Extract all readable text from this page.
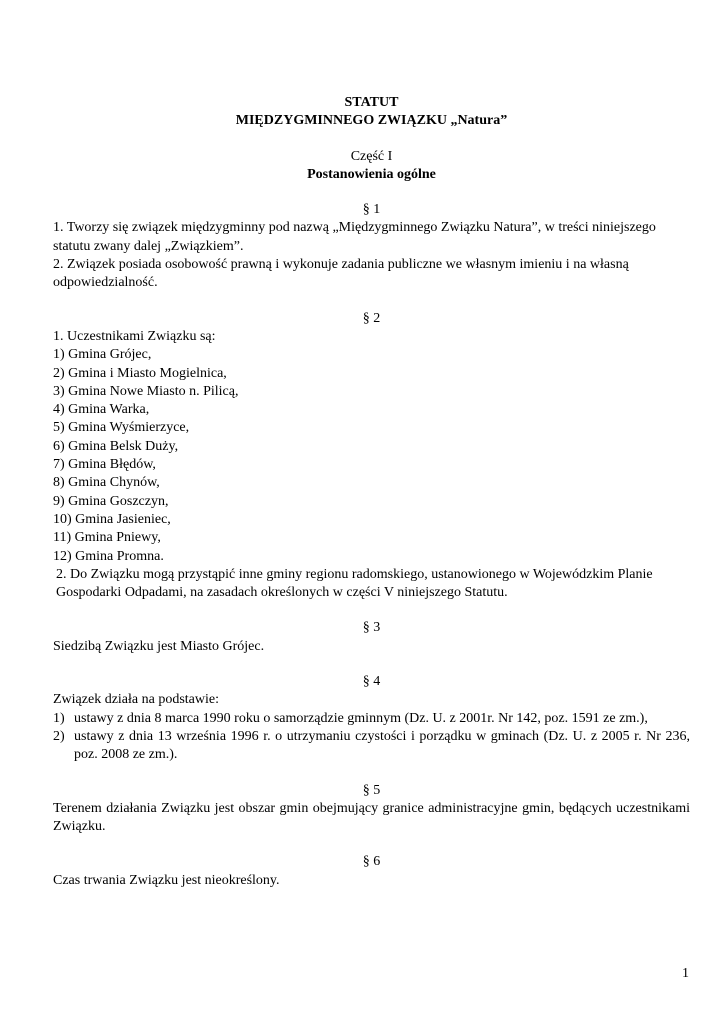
STATUT
MIĘDZYGMINNEGO ZWIĄZKU „Natura”
Część I
Postanowienia ogólne
§ 1
1. Tworzy się związek międzygminny pod nazwą „Międzygminnego Związku Natura”, w treści niniejszego statutu zwany dalej „Związkiem”.
2. Związek posiada osobowość prawną i wykonuje zadania publiczne we własnym imieniu i na własną odpowiedzialność.
§ 2
1. Uczestnikami Związku są:
1) Gmina Grójec,
2) Gmina i Miasto Mogielnica,
3) Gmina Nowe Miasto n. Pilicą,
4) Gmina Warka,
5) Gmina Wyśmierzyce,
6) Gmina Belsk Duży,
7) Gmina Błędów,
8) Gmina Chynów,
9) Gmina Goszczyn,
10) Gmina Jasieniec,
11) Gmina Pniewy,
12) Gmina Promna.
2. Do Związku mogą przystąpić inne gminy regionu radomskiego, ustanowionego w Wojewódzkim Planie Gospodarki Odpadami, na zasadach określonych w części V niniejszego Statutu.
§ 3
Siedzibą Związku jest Miasto Grójec.
§ 4
Związek działa na podstawie:
1) ustawy z dnia 8 marca 1990 roku o samorządzie gminnym (Dz. U. z 2001r. Nr 142, poz. 1591 ze zm.),
2) ustawy z dnia 13 września 1996 r. o utrzymaniu czystości i porządku w gminach (Dz. U. z 2005 r. Nr 236, poz. 2008 ze zm.).
§ 5
Terenem działania Związku jest obszar gmin obejmujący granice administracyjne gmin, będących uczestnikami Związku.
§ 6
Czas trwania Związku jest nieokreślony.
1
